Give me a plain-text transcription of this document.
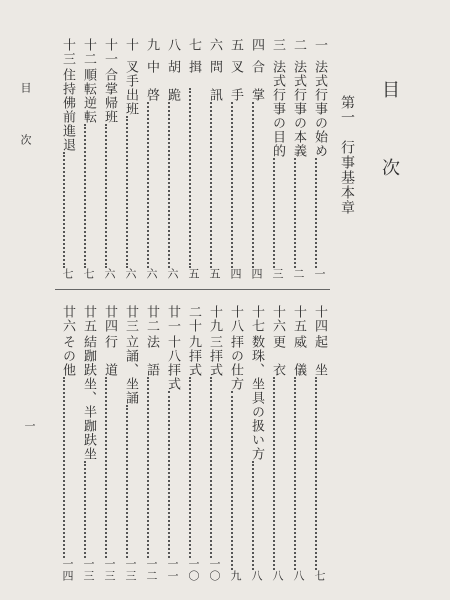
目次
第一　行事基本章
一法式行事の始め一
二法式行事の本義二
三法式行事の目的三
四合　掌四
五叉　手四
六問　訊五
七揖　五
八胡　跪六
九中　啓六
十叉手出班六
十一合掌帰班六
十二順転逆転七
十三住持佛前進退七
十四起　坐七
十五威　儀八
十六更　衣八
十七数珠、坐具の扱い方八
十八拝の仕方九
十九三拝式一〇
二十九拝式一〇
廿一十八拝式一一
廿二法　語一二
廿三立誦、坐誦一三
廿四行　道一三
廿五結跏趺坐、半跏趺坐一三
廿六その他一四
目次
一
